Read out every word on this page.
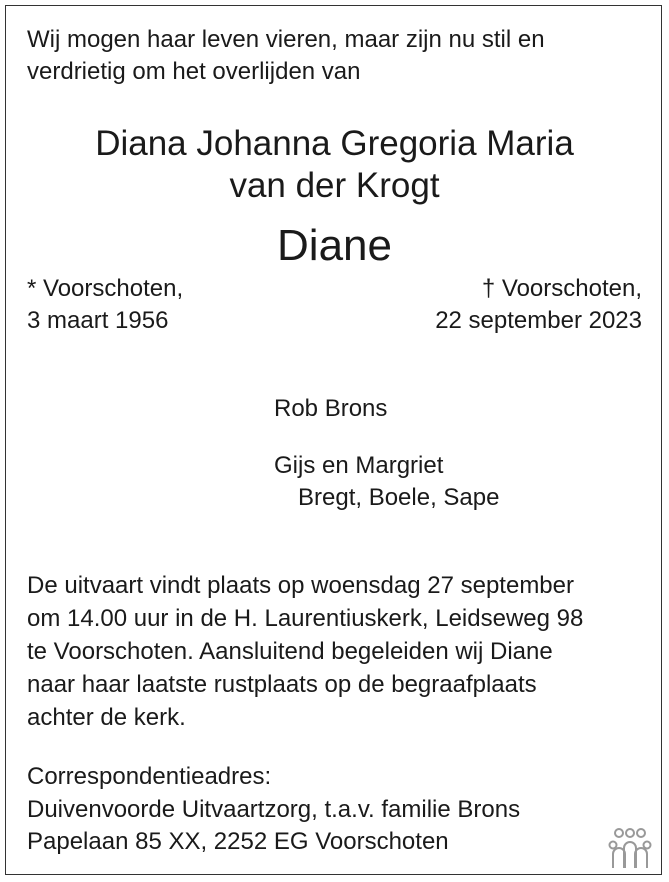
Wij mogen haar leven vieren, maar zijn nu stil en
verdrietig om het overlijden van
Diana Johanna Gregoria Maria
van der Krogt
Diane
* Voorschoten,
3 maart 1956
† Voorschoten,
22 september 2023
Rob Brons
Gijs en Margriet
Bregt, Boele, Sape
De uitvaart vindt plaats op woensdag 27 september
om 14.00 uur in de H. Laurentiuskerk, Leidseweg 98
te Voorschoten. Aansluitend begeleiden wij Diane
naar haar laatste rustplaats op de begraafplaats
achter de kerk.
Correspondentieadres:
Duivenvoorde Uitvaartzorg, t.a.v. familie Brons
Papelaan 85 XX, 2252 EG Voorschoten
